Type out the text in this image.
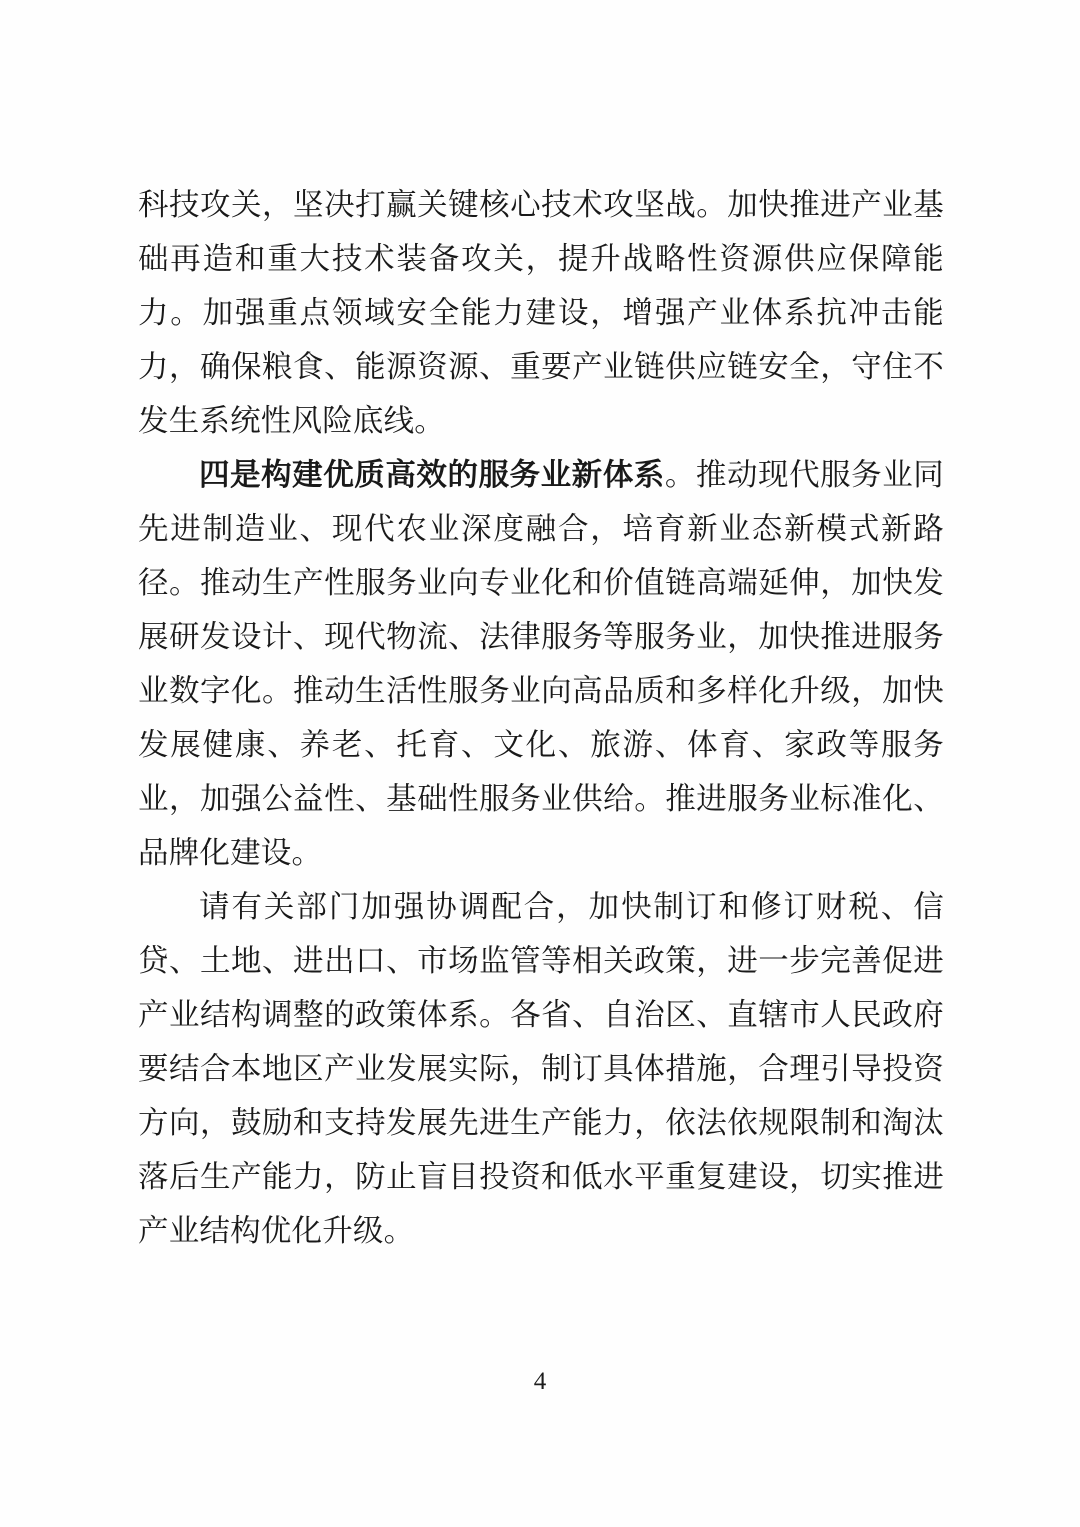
科技攻关，坚决打赢关键核心技术攻坚战。加快推进产业基础再造和重大技术装备攻关，提升战略性资源供应保障能力。加强重点领域安全能力建设，增强产业体系抗冲击能力，确保粮食、能源资源、重要产业链供应链安全，守住不发生系统性风险底线。

四是构建优质高效的服务业新体系。推动现代服务业同先进制造业、现代农业深度融合，培育新业态新模式新路径。推动生产性服务业向专业化和价值链高端延伸，加快发展研发设计、现代物流、法律服务等服务业，加快推进服务业数字化。推动生活性服务业向高品质和多样化升级，加快发展健康、养老、托育、文化、旅游、体育、家政等服务业，加强公益性、基础性服务业供给。推进服务业标准化、品牌化建设。

请有关部门加强协调配合，加快制订和修订财税、信贷、土地、进出口、市场监管等相关政策，进一步完善促进产业结构调整的政策体系。各省、自治区、直辖市人民政府要结合本地区产业发展实际，制订具体措施，合理引导投资方向，鼓励和支持发展先进生产能力，依法依规限制和淘汰落后生产能力，防止盲目投资和低水平重复建设，切实推进产业结构优化升级。

4
